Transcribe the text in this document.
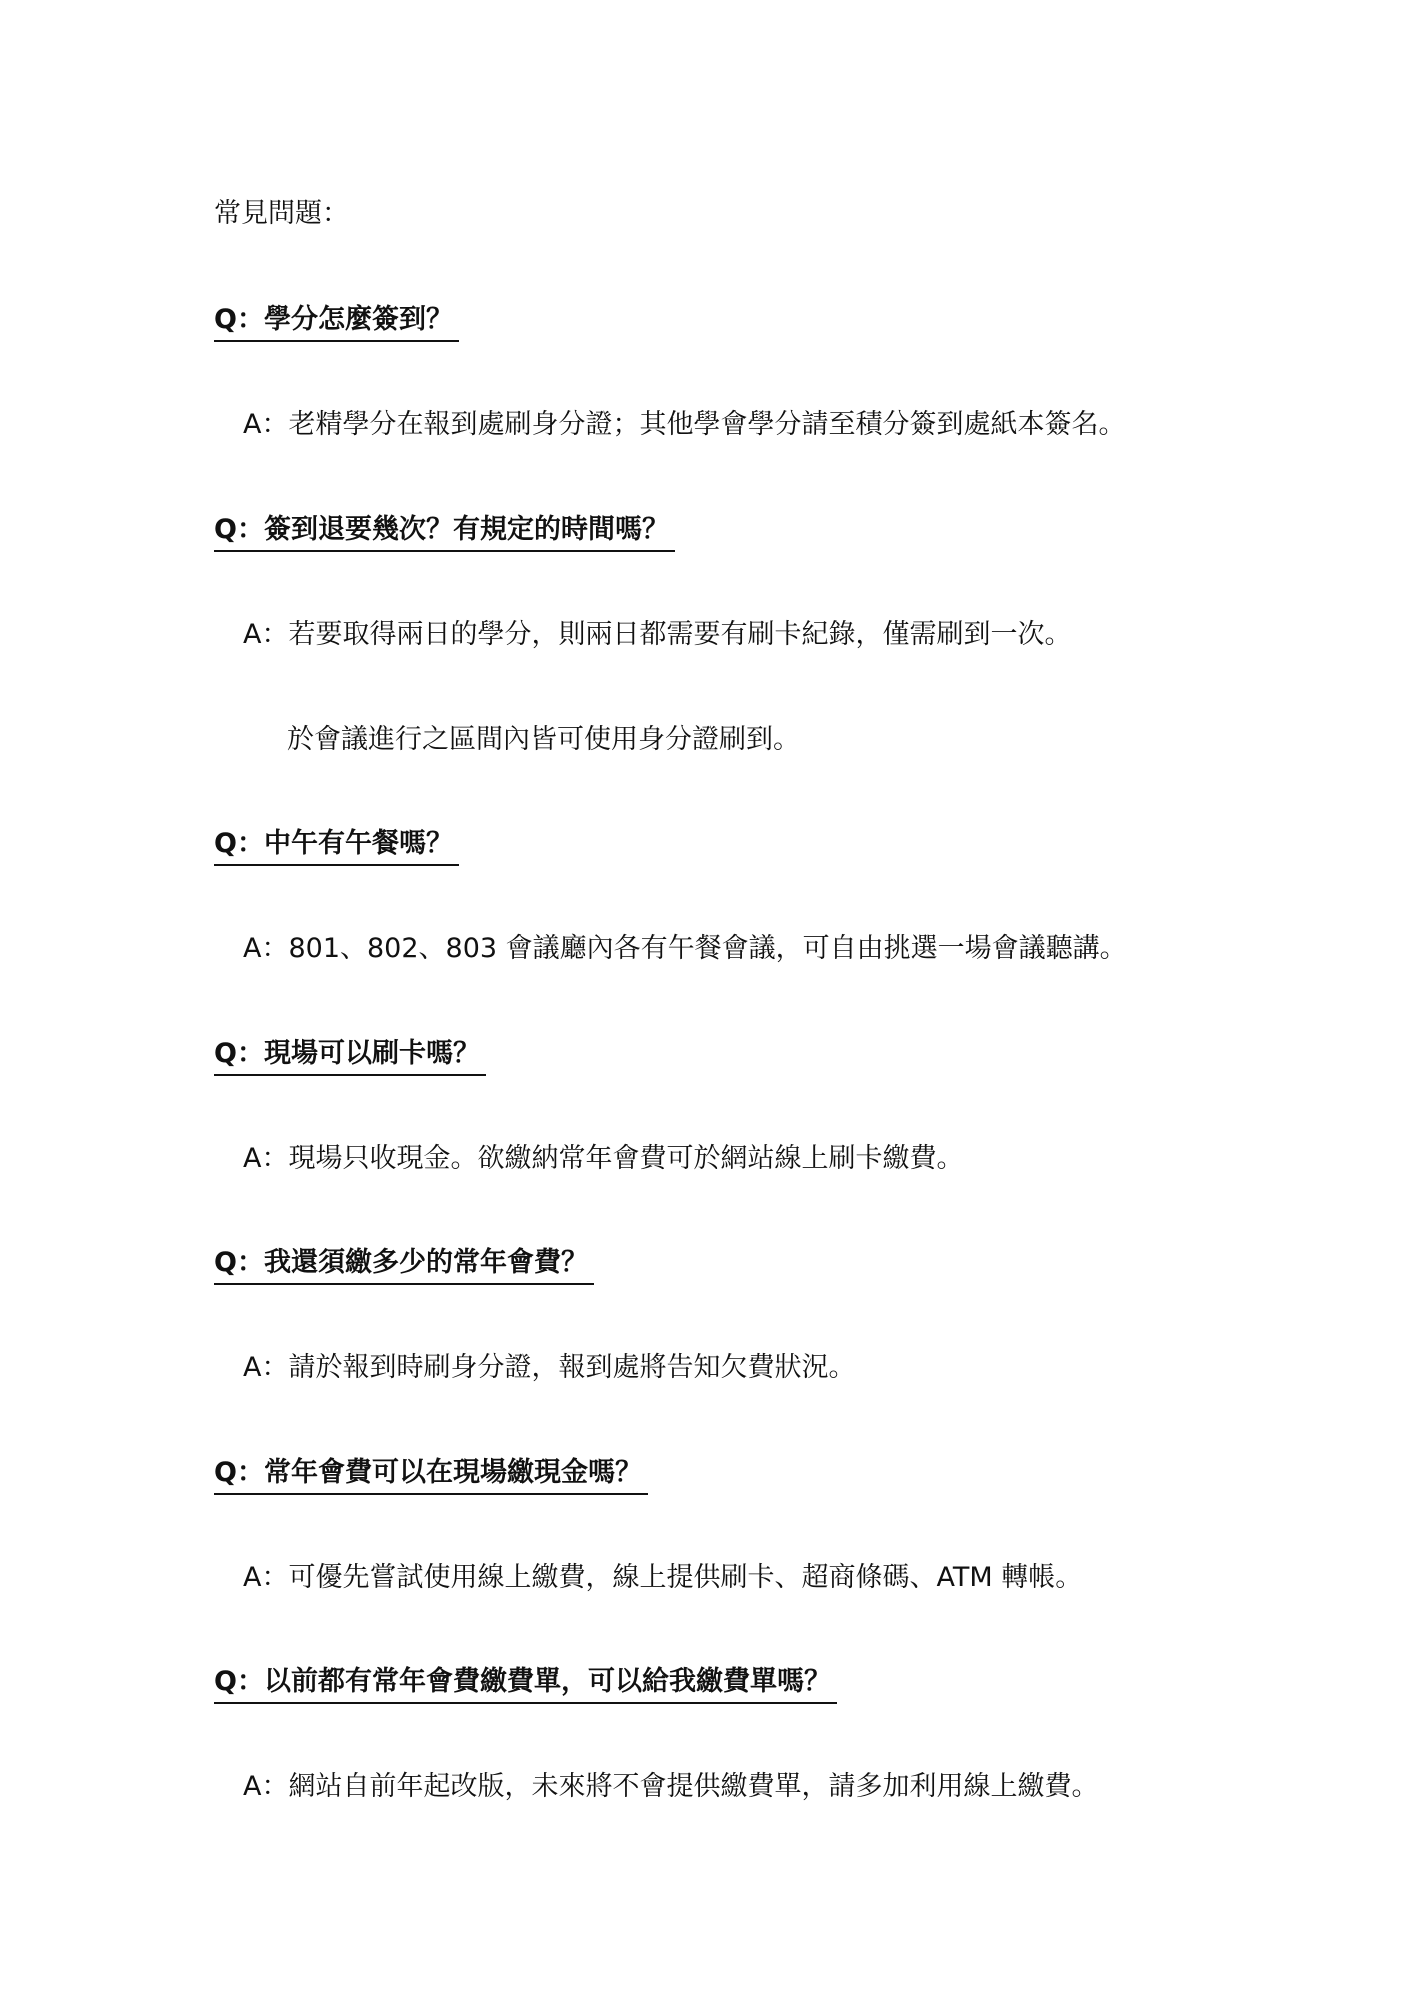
常見問題：
Q：學分怎麼簽到？
A：老精學分在報到處刷身分證；其他學會學分請至積分簽到處紙本簽名。
Q：簽到退要幾次？有規定的時間嗎？
A：若要取得兩日的學分，則兩日都需要有刷卡紀錄，僅需刷到一次。
於會議進行之區間內皆可使用身分證刷到。
Q：中午有午餐嗎？
A：801、802、803 會議廳內各有午餐會議，可自由挑選一場會議聽講。
Q：現場可以刷卡嗎？
A：現場只收現金。欲繳納常年會費可於網站線上刷卡繳費。
Q：我還須繳多少的常年會費？
A：請於報到時刷身分證，報到處將告知欠費狀況。
Q：常年會費可以在現場繳現金嗎？
A：可優先嘗試使用線上繳費，線上提供刷卡、超商條碼、ATM 轉帳。
Q：以前都有常年會費繳費單，可以給我繳費單嗎？
A：網站自前年起改版，未來將不會提供繳費單，請多加利用線上繳費。
